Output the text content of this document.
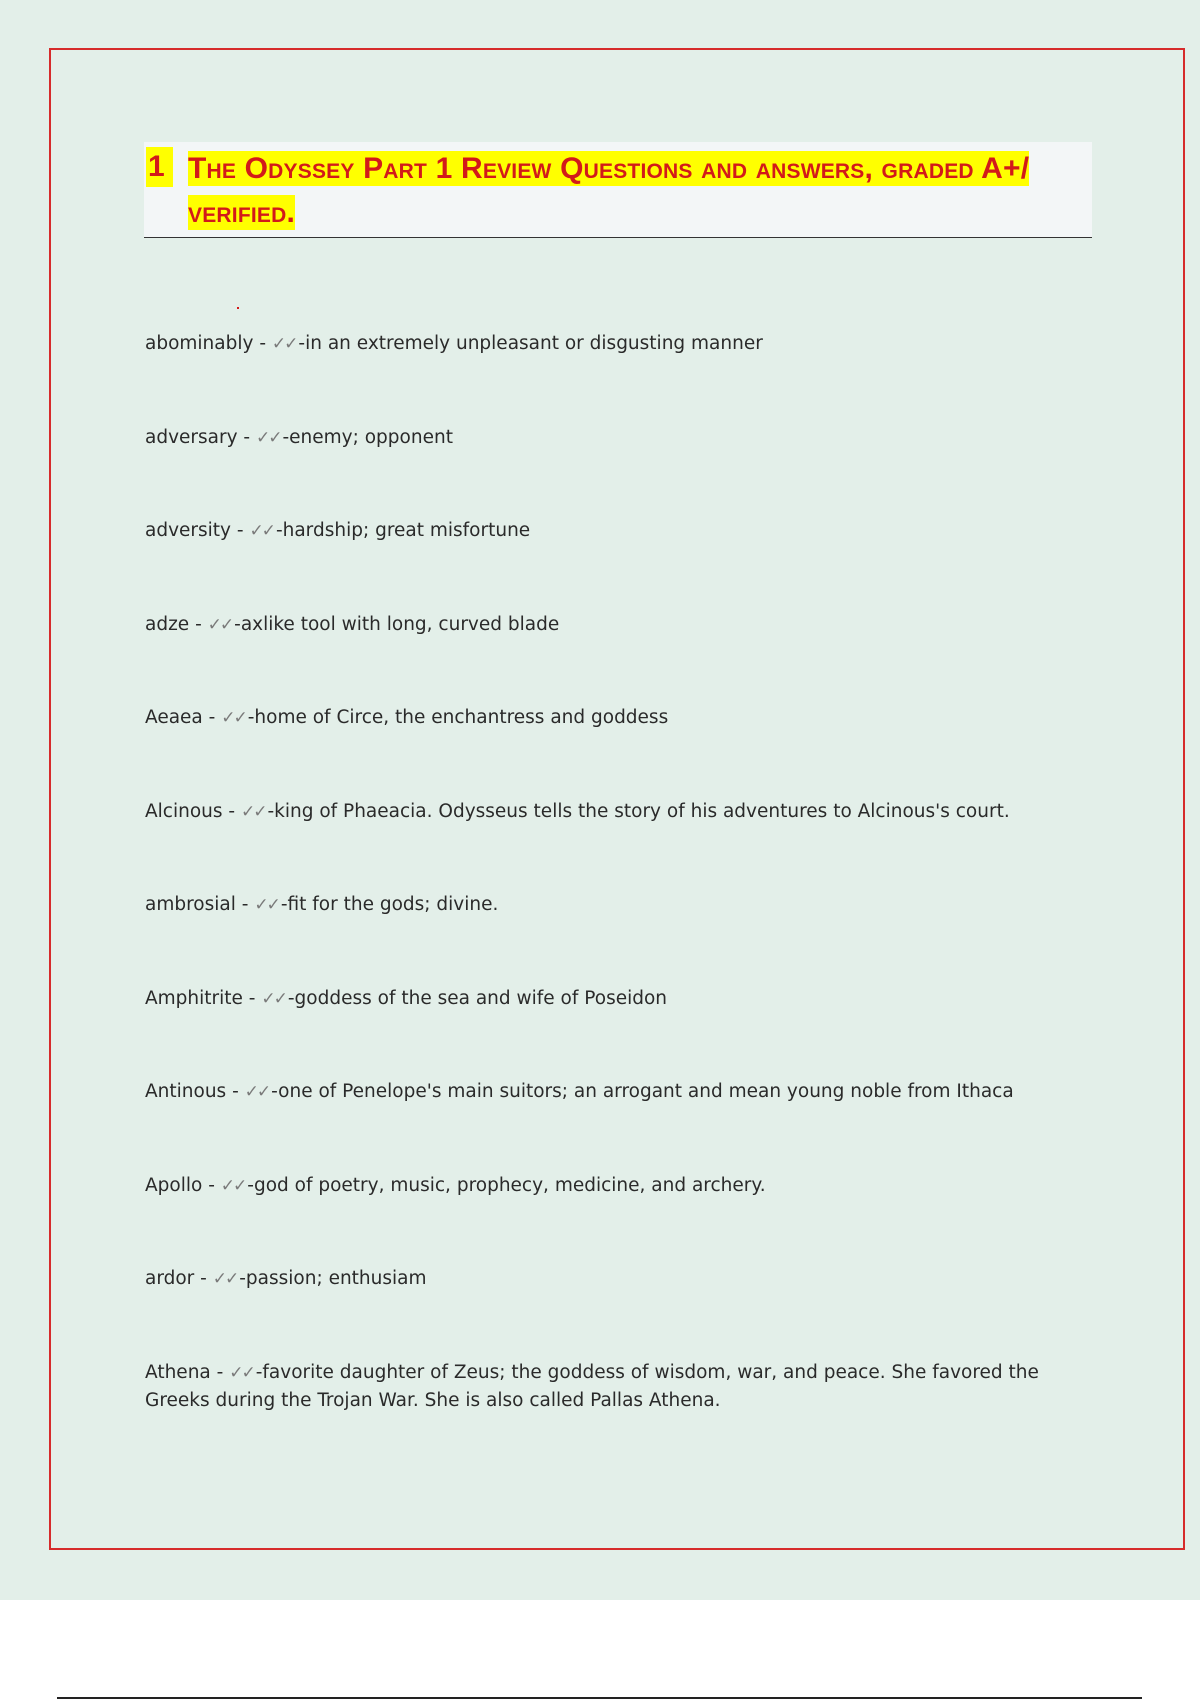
1 The Odyssey Part 1 Review Questions and answers, graded A+/ verified.
abominably - ✓✓ -in an extremely unpleasant or disgusting manner
adversary - ✓✓ -enemy; opponent
adversity - ✓✓ -hardship; great misfortune
adze - ✓✓ -axlike tool with long, curved blade
Aeaea - ✓✓ -home of Circe, the enchantress and goddess
Alcinous - ✓✓ -king of Phaeacia. Odysseus tells the story of his adventures to Alcinous's court.
ambrosial - ✓✓ -fit for the gods; divine.
Amphitrite - ✓✓ -goddess of the sea and wife of Poseidon
Antinous - ✓✓ -one of Penelope's main suitors; an arrogant and mean young noble from Ithaca
Apollo - ✓✓ -god of poetry, music, prophecy, medicine, and archery.
ardor - ✓✓ -passion; enthusiam
Athena - ✓✓ -favorite daughter of Zeus; the goddess of wisdom, war, and peace. She favored the Greeks during the Trojan War. She is also called Pallas Athena.
